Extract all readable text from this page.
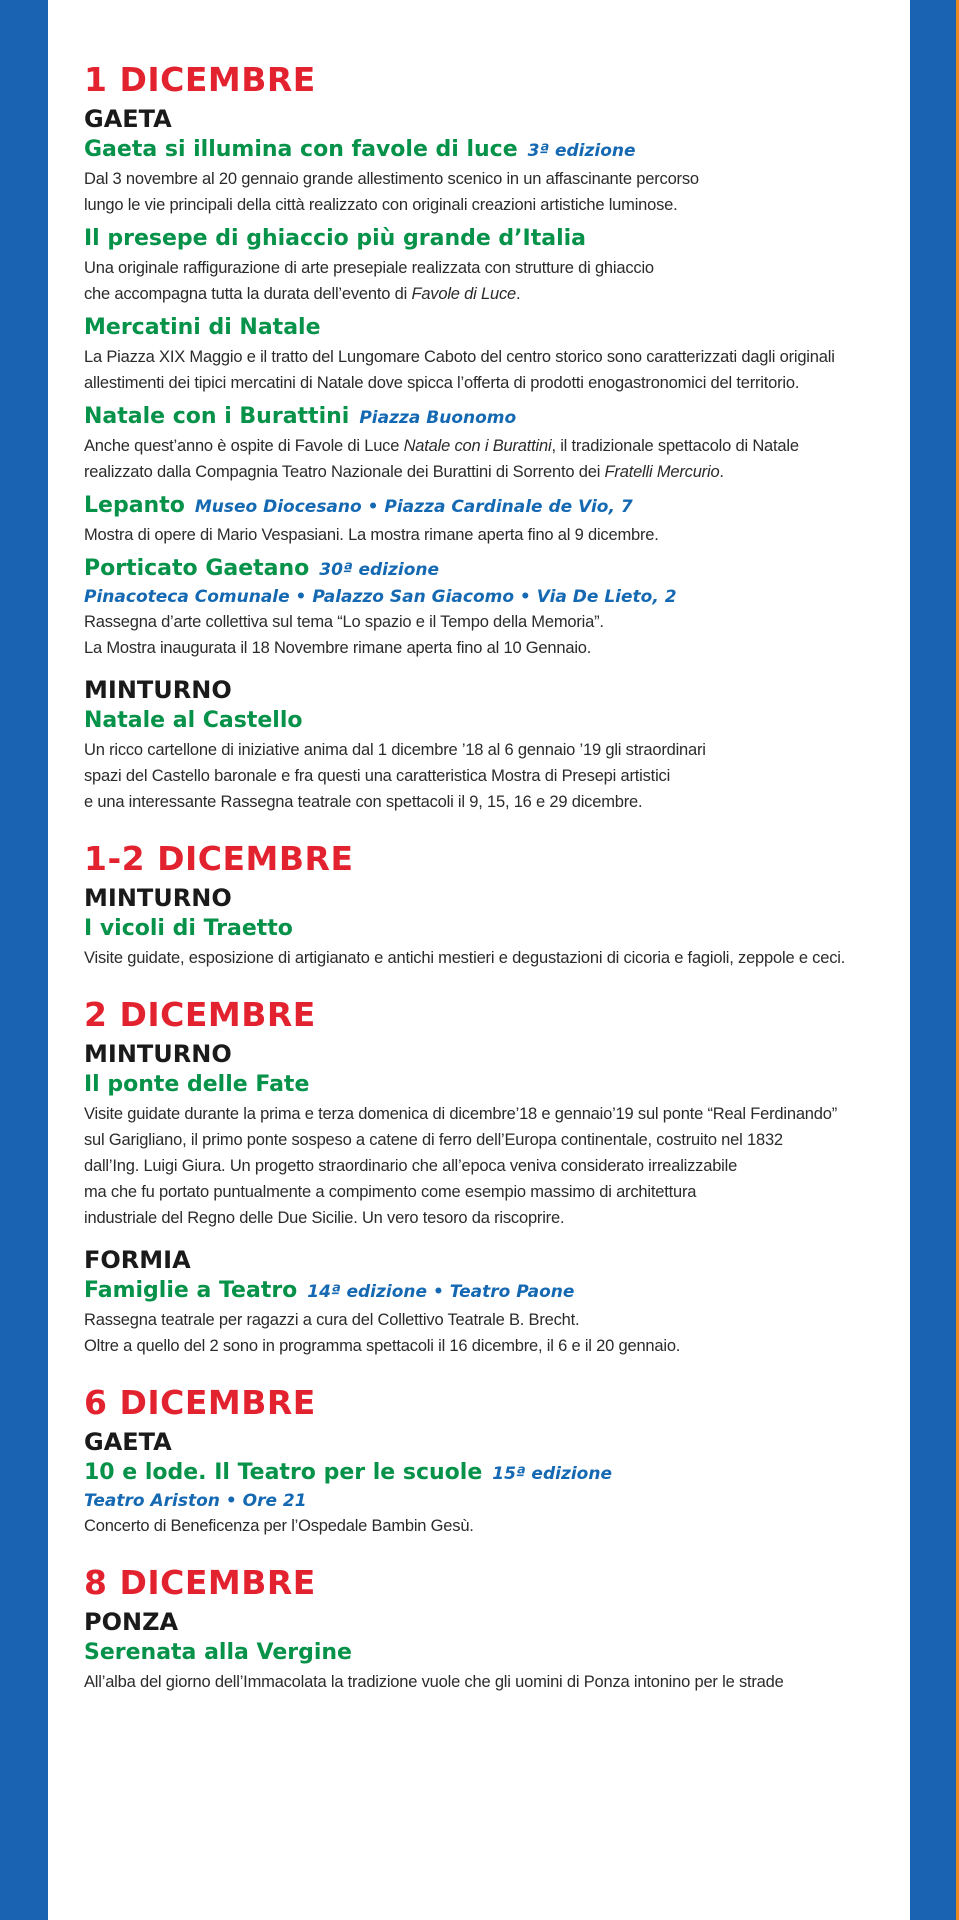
1 DICEMBRE
GAETA
Gaeta si illumina con favole di luce 3ª edizione
Dal 3 novembre al 20 gennaio grande allestimento scenico in un affascinante percorso
lungo le vie principali della città realizzato con originali creazioni artistiche luminose.
Il presepe di ghiaccio più grande d’Italia
Una originale raffigurazione di arte presepiale realizzata con strutture di ghiaccio
che accompagna tutta la durata dell’evento di Favole di Luce.
Mercatini di Natale
La Piazza XIX Maggio e il tratto del Lungomare Caboto del centro storico sono caratterizzati dagli originali
allestimenti dei tipici mercatini di Natale dove spicca l’offerta di prodotti enogastronomici del territorio.
Natale con i Burattini Piazza Buonomo
Anche quest’anno è ospite di Favole di Luce Natale con i Burattini, il tradizionale spettacolo di Natale
realizzato dalla Compagnia Teatro Nazionale dei Burattini di Sorrento dei Fratelli Mercurio.
Lepanto Museo Diocesano • Piazza Cardinale de Vio, 7
Mostra di opere di Mario Vespasiani. La mostra rimane aperta fino al 9 dicembre.
Porticato Gaetano 30ª edizione
Pinacoteca Comunale • Palazzo San Giacomo • Via De Lieto, 2
Rassegna d’arte collettiva sul tema “Lo spazio e il Tempo della Memoria”.
La Mostra inaugurata il 18 Novembre rimane aperta fino al 10 Gennaio.
MINTURNO
Natale al Castello
Un ricco cartellone di iniziative anima dal 1 dicembre ’18 al 6 gennaio ’19 gli straordinari
spazi del Castello baronale e fra questi una caratteristica Mostra di Presepi artistici
e una interessante Rassegna teatrale con spettacoli il 9, 15, 16 e 29 dicembre.
1-2 DICEMBRE
MINTURNO
I vicoli di Traetto
Visite guidate, esposizione di artigianato e antichi mestieri e degustazioni di cicoria e fagioli, zeppole e ceci.
2 DICEMBRE
MINTURNO
Il ponte delle Fate
Visite guidate durante la prima e terza domenica di dicembre’18 e gennaio’19 sul ponte “Real Ferdinando”
sul Garigliano, il primo ponte sospeso a catene di ferro dell’Europa continentale, costruito nel 1832
dall’Ing. Luigi Giura. Un progetto straordinario che all’epoca veniva considerato irrealizzabile
ma che fu portato puntualmente a compimento come esempio massimo di architettura
industriale del Regno delle Due Sicilie. Un vero tesoro da riscoprire.
FORMIA
Famiglie a Teatro 14ª edizione • Teatro Paone
Rassegna teatrale per ragazzi a cura del Collettivo Teatrale B. Brecht.
Oltre a quello del 2 sono in programma spettacoli il 16 dicembre, il 6 e il 20 gennaio.
6 DICEMBRE
GAETA
10 e lode. Il Teatro per le scuole 15ª edizione
Teatro Ariston • Ore 21
Concerto di Beneficenza per l’Ospedale Bambin Gesù.
8 DICEMBRE
PONZA
Serenata alla Vergine
All’alba del giorno dell’Immacolata la tradizione vuole che gli uomini di Ponza intonino per le strade
